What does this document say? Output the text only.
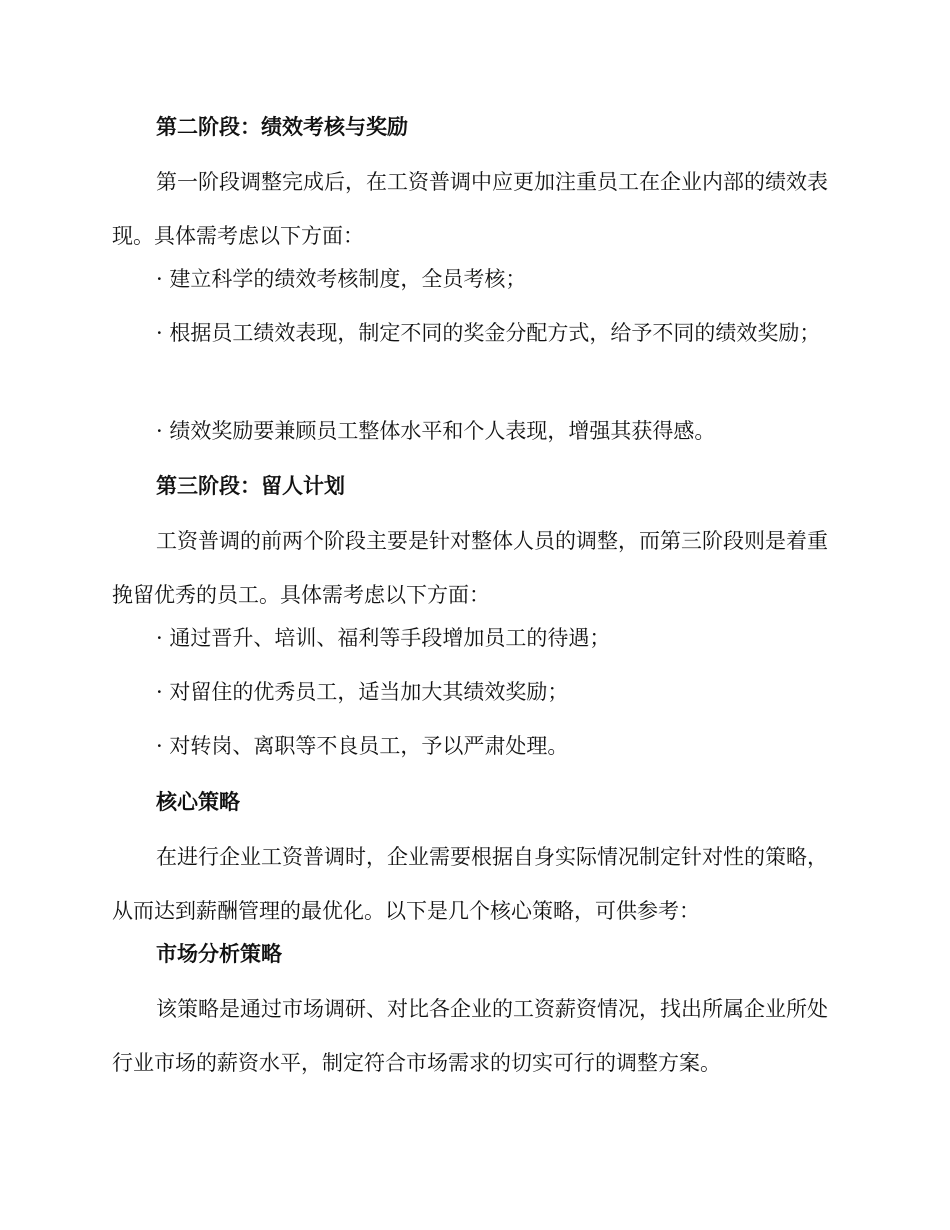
第二阶段：绩效考核与奖励

第一阶段调整完成后，在工资普调中应更加注重员工在企业内部的绩效表现。具体需考虑以下方面：

· 建立科学的绩效考核制度，全员考核；

· 根据员工绩效表现，制定不同的奖金分配方式，给予不同的绩效奖励；

· 绩效奖励要兼顾员工整体水平和个人表现，增强其获得感。

第三阶段：留人计划

工资普调的前两个阶段主要是针对整体人员的调整，而第三阶段则是着重挽留优秀的员工。具体需考虑以下方面：

· 通过晋升、培训、福利等手段增加员工的待遇；

· 对留住的优秀员工，适当加大其绩效奖励；

· 对转岗、离职等不良员工，予以严肃处理。

核心策略

在进行企业工资普调时，企业需要根据自身实际情况制定针对性的策略，从而达到薪酬管理的最优化。以下是几个核心策略，可供参考：

市场分析策略

该策略是通过市场调研、对比各企业的工资薪资情况，找出所属企业所处行业市场的薪资水平，制定符合市场需求的切实可行的调整方案。
